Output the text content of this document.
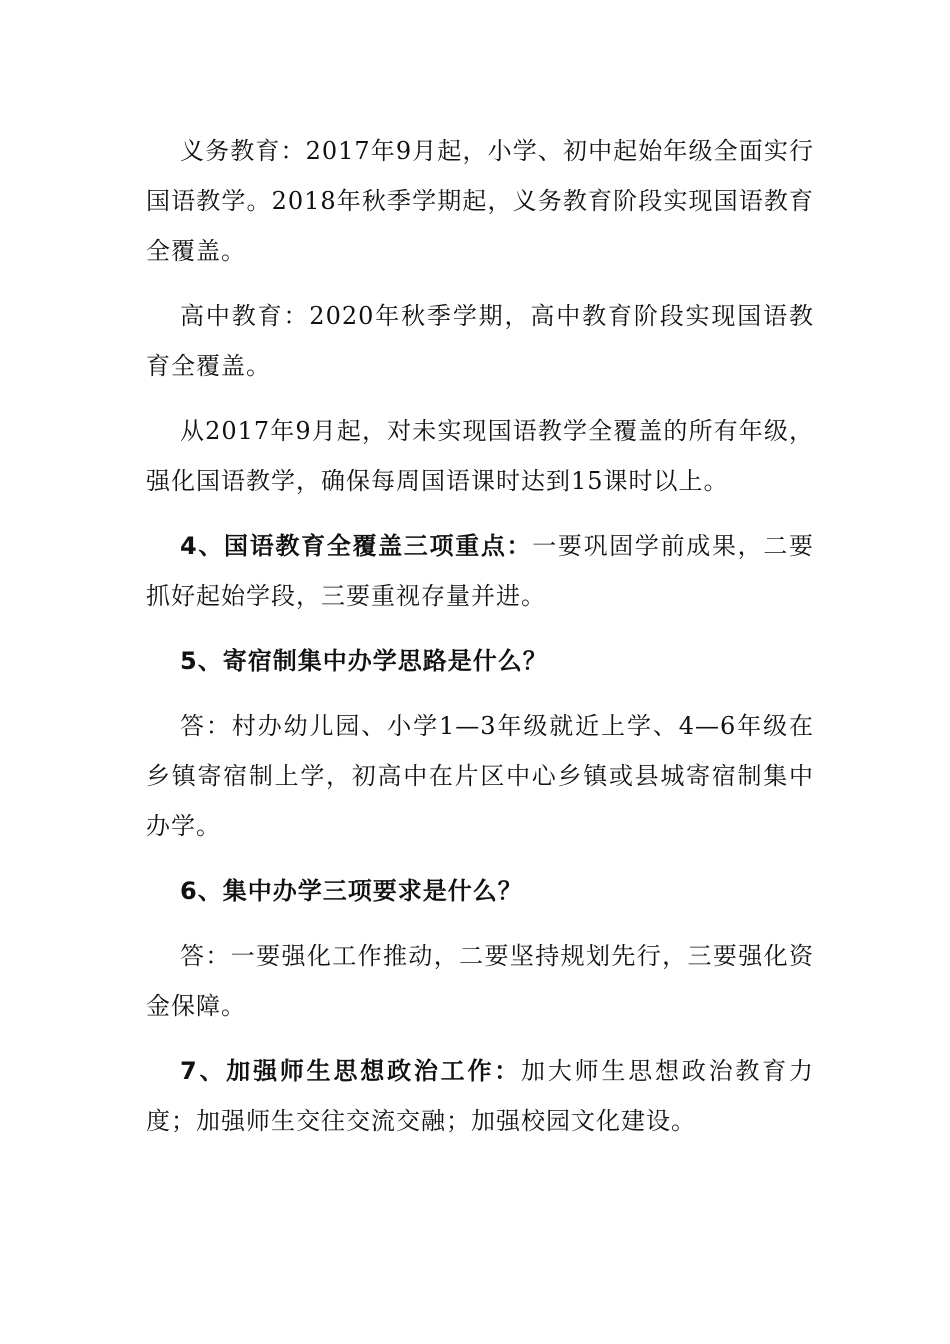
义务教育：2017年9月起，小学、初中起始年级全面实行国语教学。2018年秋季学期起，义务教育阶段实现国语教育全覆盖。

高中教育：2020年秋季学期，高中教育阶段实现国语教育全覆盖。

从2017年9月起，对未实现国语教学全覆盖的所有年级，强化国语教学，确保每周国语课时达到15课时以上。

4、国语教育全覆盖三项重点：一要巩固学前成果，二要抓好起始学段，三要重视存量并进。

5、寄宿制集中办学思路是什么？

答：村办幼儿园、小学1—3年级就近上学、4—6年级在乡镇寄宿制上学，初高中在片区中心乡镇或县城寄宿制集中办学。

6、集中办学三项要求是什么？

答：一要强化工作推动，二要坚持规划先行，三要强化资金保障。

7、加强师生思想政治工作：加大师生思想政治教育力度；加强师生交往交流交融；加强校园文化建设。
